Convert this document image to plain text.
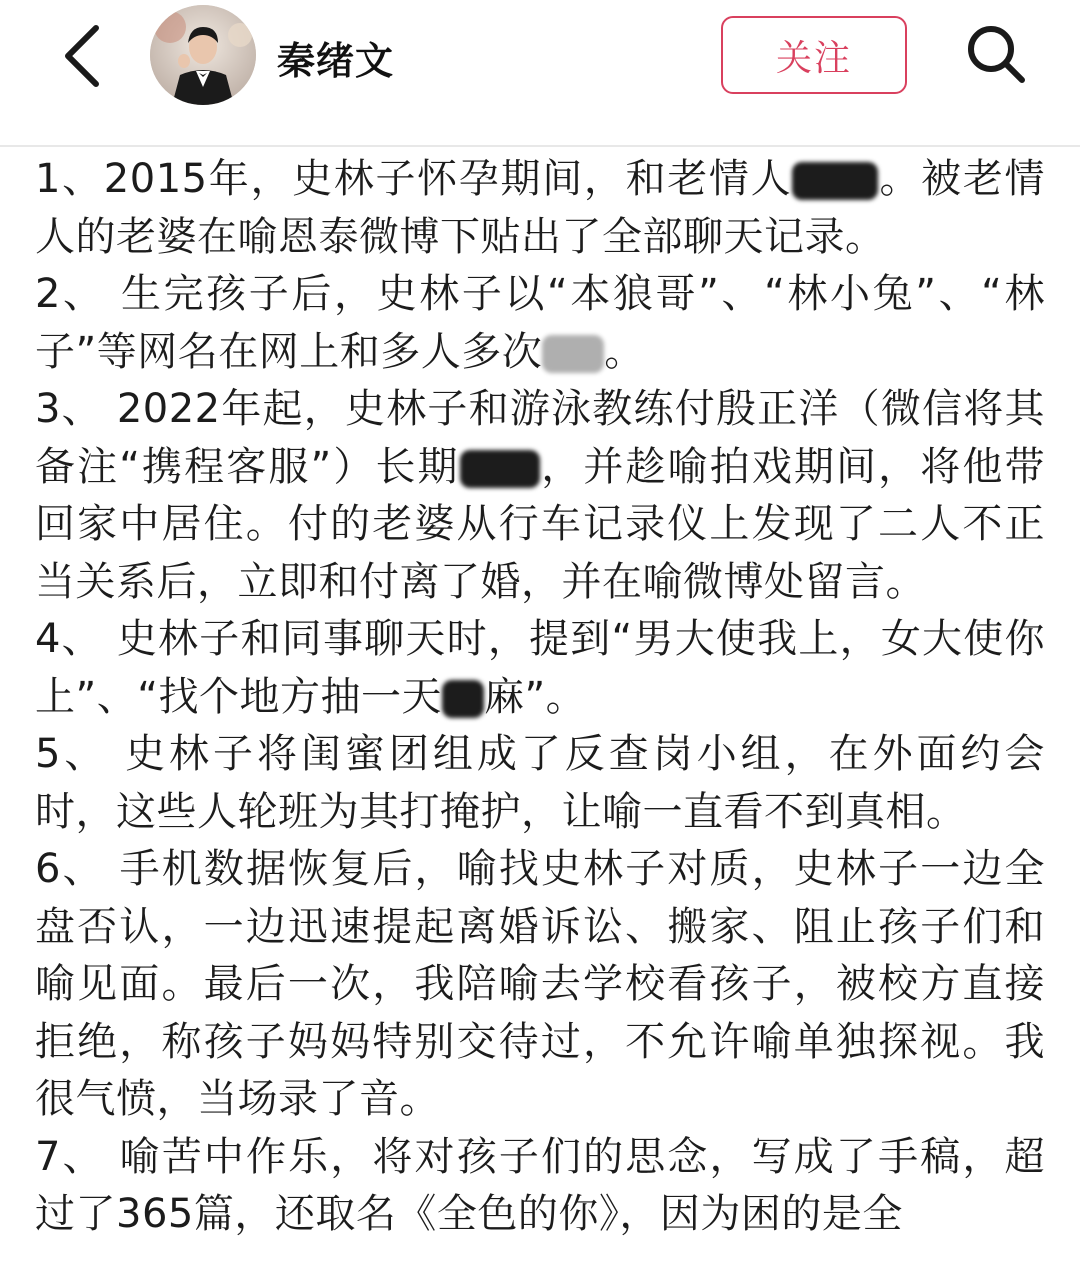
秦绪文	关注

1、2015年，史林子怀孕期间，和老情人 。被老情人的老婆在喻恩泰微博下贴出了全部聊天记录。

2、 生完孩子后，史林子以“本狼哥”、“林小兔”、“林子”等网名在网上和多人多次 。

3、 2022年起，史林子和游泳教练付殷正洋（微信将其备注“携程客服”）长期 ，并趁喻拍戏期间，将他带回家中居住。付的老婆从行车记录仪上发现了二人不正当关系后，立即和付离了婚，并在喻微博处留言。

4、 史林子和同事聊天时，提到“男大使我上，女大使你上”、“找个地方抽一天 麻”。

5、 史林子将闺蜜团组成了反查岗小组，在外面约会时，这些人轮班为其打掩护，让喻一直看不到真相。

6、 手机数据恢复后，喻找史林子对质，史林子一边全盘否认，一边迅速提起离婚诉讼、搬家、阻止孩子们和喻见面。最后一次，我陪喻去学校看孩子，被校方直接拒绝，称孩子妈妈特别交待过，不允许喻单独探视。我很气愤，当场录了音。

7、 喻苦中作乐，将对孩子们的思念，写成了手稿，超过了365篇，还取名《全色的你》，因为困的是全
